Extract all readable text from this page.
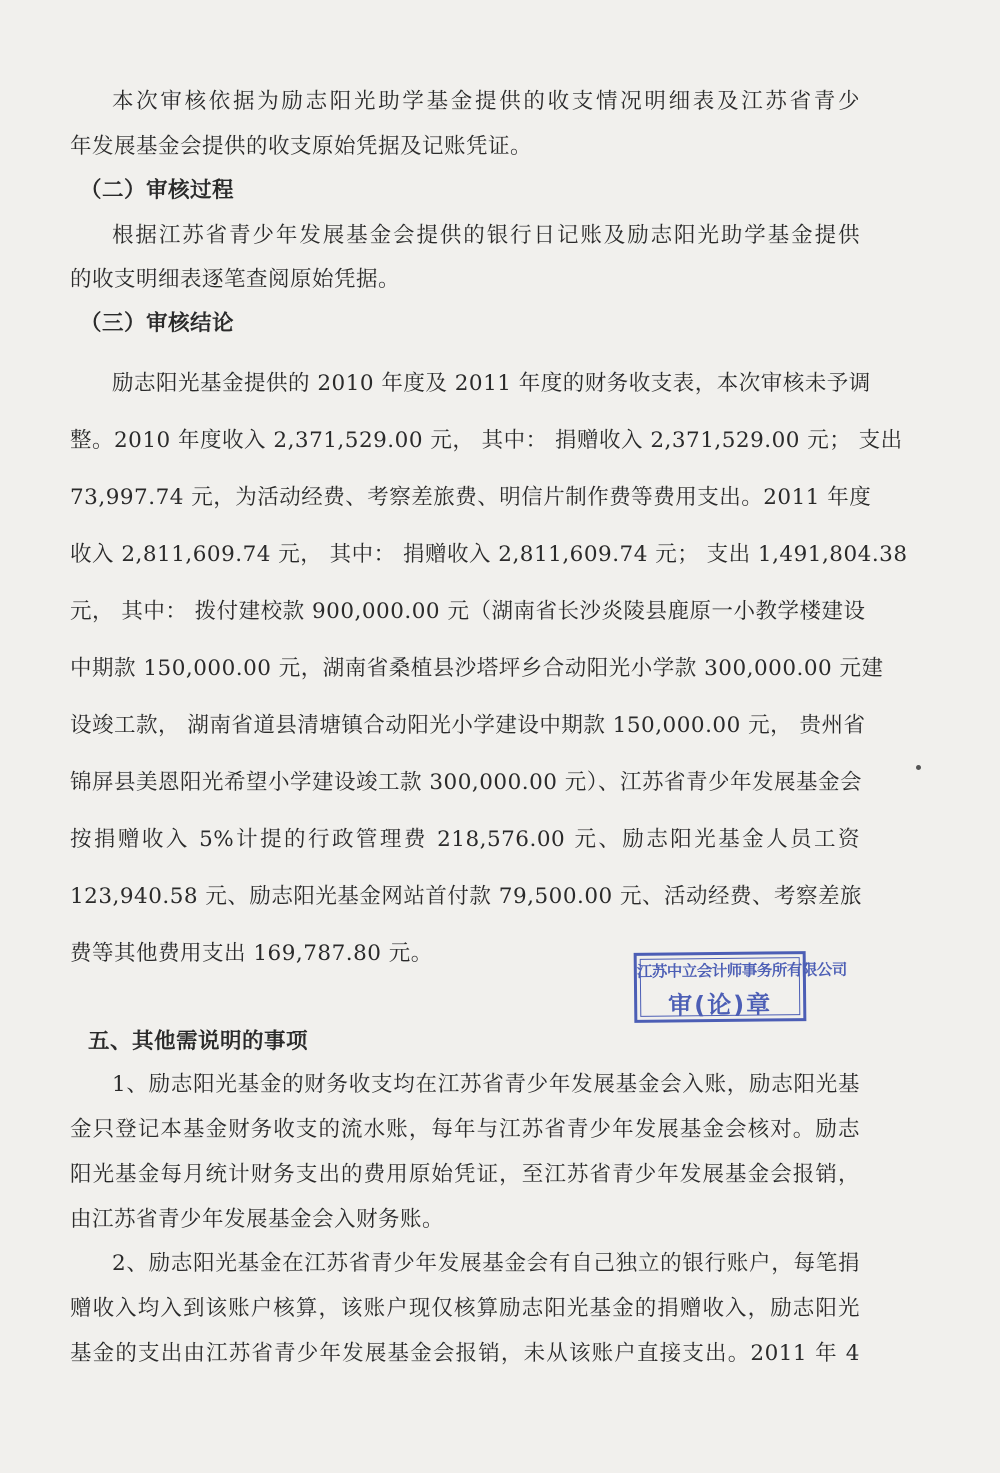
本次审核依据为励志阳光助学基金提供的收支情况明细表及江苏省青少
年发展基金会提供的收支原始凭据及记账凭证。
（二）审核过程
根据江苏省青少年发展基金会提供的银行日记账及励志阳光助学基金提供
的收支明细表逐笔查阅原始凭据。
（三）审核结论
励志阳光基金提供的 2010 年度及 2011 年度的财务收支表，本次审核未予调
整。2010 年度收入 2,371,529.00 元， 其中： 捐赠收入 2,371,529.00 元； 支出
73,997.74 元，为活动经费、考察差旅费、明信片制作费等费用支出。2011 年度
收入 2,811,609.74 元， 其中： 捐赠收入 2,811,609.74 元； 支出 1,491,804.38
元， 其中： 拨付建校款 900,000.00 元（湖南省长沙炎陵县鹿原一小教学楼建设
中期款 150,000.00 元，湖南省桑植县沙塔坪乡合动阳光小学款 300,000.00 元建
设竣工款， 湖南省道县清塘镇合动阳光小学建设中期款 150,000.00 元， 贵州省
锦屏县美恩阳光希望小学建设竣工款 300,000.00 元）、江苏省青少年发展基金会
按捐赠收入 5%计提的行政管理费 218,576.00 元、励志阳光基金人员工资
123,940.58 元、励志阳光基金网站首付款 79,500.00 元、活动经费、考察差旅
费等其他费用支出 169,787.80 元。
江苏中立会计师事务所有限公司
审(论)章
五、其他需说明的事项
1、励志阳光基金的财务收支均在江苏省青少年发展基金会入账，励志阳光基
金只登记本基金财务收支的流水账，每年与江苏省青少年发展基金会核对。励志
阳光基金每月统计财务支出的费用原始凭证，至江苏省青少年发展基金会报销，
由江苏省青少年发展基金会入财务账。
2、励志阳光基金在江苏省青少年发展基金会有自己独立的银行账户，每笔捐
赠收入均入到该账户核算，该账户现仅核算励志阳光基金的捐赠收入，励志阳光
基金的支出由江苏省青少年发展基金会报销，未从该账户直接支出。2011 年 4
